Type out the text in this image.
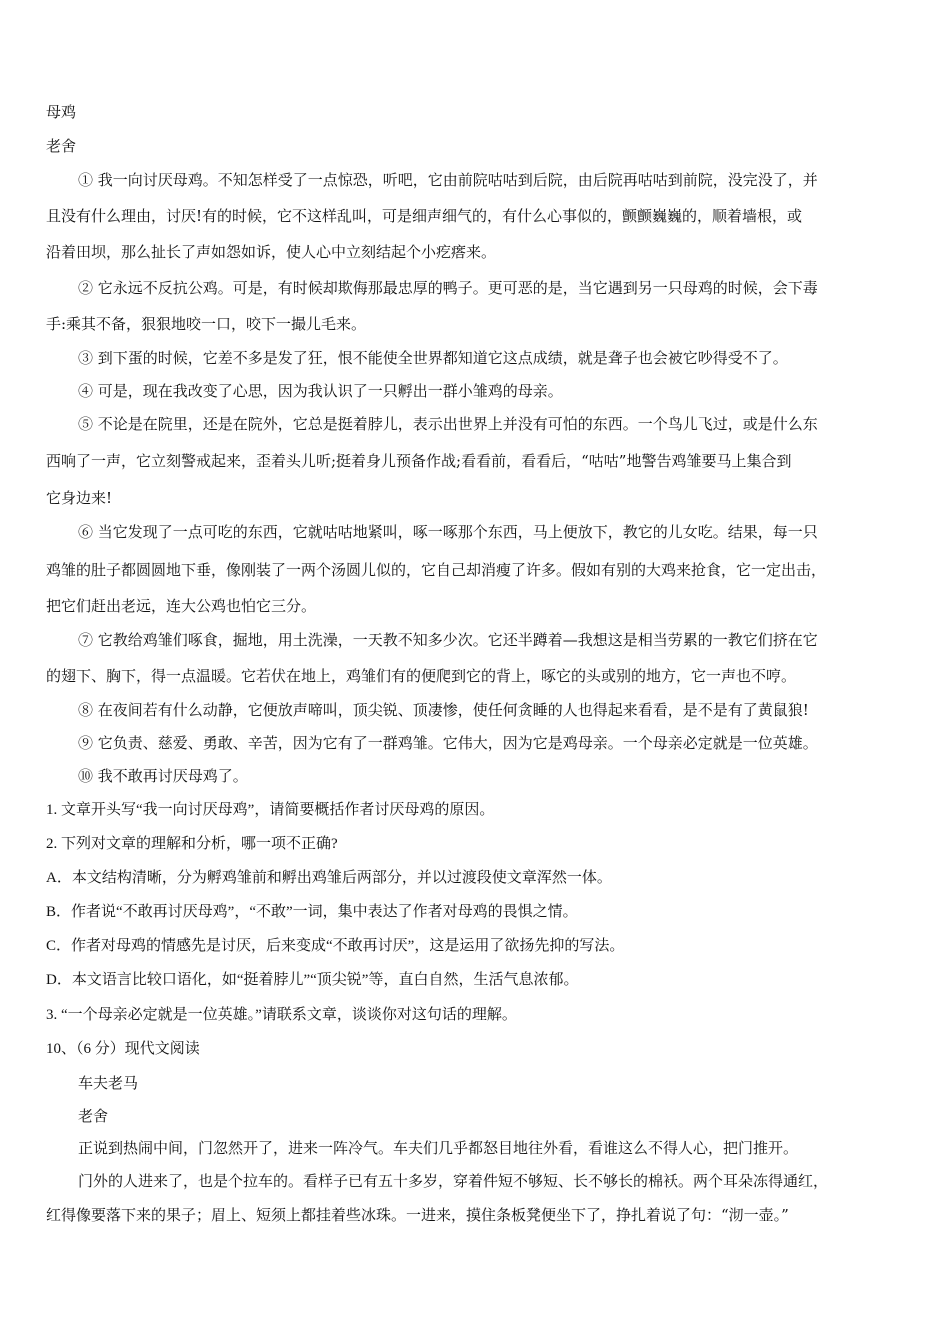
母鸡
老舍
① 我一向讨厌母鸡。不知怎样受了一点惊恐，听吧，它由前院咕咕到后院，由后院再咕咕到前院，没完没了，并
且没有什么理由，讨厌!有的时候，它不这样乱叫，可是细声细气的，有什么心事似的，颤颤巍巍的，顺着墙根，或
沿着田坝，那么扯长了声如怨如诉，使人心中立刻结起个小疙瘩来。
② 它永远不反抗公鸡。可是，有时候却欺侮那最忠厚的鸭子。更可恶的是，当它遇到另一只母鸡的时候，会下毒
手:乘其不备，狠狠地咬一口，咬下一撮儿毛来。
③ 到下蛋的时候，它差不多是发了狂，恨不能使全世界都知道它这点成绩，就是聋子也会被它吵得受不了。
④ 可是，现在我改变了心思，因为我认识了一只孵出一群小雏鸡的母亲。
⑤ 不论是在院里，还是在院外，它总是挺着脖儿，表示出世界上并没有可怕的东西。一个鸟儿飞过，或是什么东
西响了一声，它立刻警戒起来，歪着头儿听;挺着身儿预备作战;看看前，看看后，“咕咕”地警告鸡雏要马上集合到
它身边来!
⑥ 当它发现了一点可吃的东西，它就咕咕地紧叫，啄一啄那个东西，马上便放下，教它的儿女吃。结果，每一只
鸡雏的肚子都圆圆地下垂，像刚装了一两个汤圆儿似的，它自己却消瘦了许多。假如有别的大鸡来抢食，它一定出击，
把它们赶出老远，连大公鸡也怕它三分。
⑦ 它教给鸡雏们啄食，掘地，用土洗澡，一天教不知多少次。它还半蹲着—我想这是相当劳累的一教它们挤在它
的翅下、胸下，得一点温暖。它若伏在地上，鸡雏们有的便爬到它的背上，啄它的头或别的地方，它一声也不哼。
⑧ 在夜间若有什么动静，它便放声啼叫，顶尖锐、顶凄惨，使任何贪睡的人也得起来看看，是不是有了黄鼠狼!
⑨ 它负责、慈爱、勇敢、辛苦，因为它有了一群鸡雏。它伟大，因为它是鸡母亲。一个母亲必定就是一位英雄。
⑩ 我不敢再讨厌母鸡了。
1. 文章开头写“我一向讨厌母鸡”，请简要概括作者讨厌母鸡的原因。
2. 下列对文章的理解和分析，哪一项不正确?
A．本文结构清晰，分为孵鸡雏前和孵出鸡雏后两部分，并以过渡段使文章浑然一体。
B．作者说“不敢再讨厌母鸡”，“不敢”一词，集中表达了作者对母鸡的畏惧之情。
C．作者对母鸡的情感先是讨厌，后来变成“不敢再讨厌”，这是运用了欲扬先抑的写法。
D．本文语言比较口语化，如“挺着脖儿”“顶尖锐”等，直白自然，生活气息浓郁。
3. “一个母亲必定就是一位英雄。”请联系文章，谈谈你对这句话的理解。
10、（6 分）现代文阅读
车夫老马
老舍
正说到热闹中间，门忽然开了，进来一阵冷气。车夫们几乎都怒目地往外看，看谁这么不得人心，把门推开。
门外的人进来了，也是个拉车的。看样子已有五十多岁，穿着件短不够短、长不够长的棉袄。两个耳朵冻得通红，
红得像要落下来的果子；眉上、短须上都挂着些冰珠。一进来，摸住条板凳便坐下了，挣扎着说了句：“沏一壶。”
